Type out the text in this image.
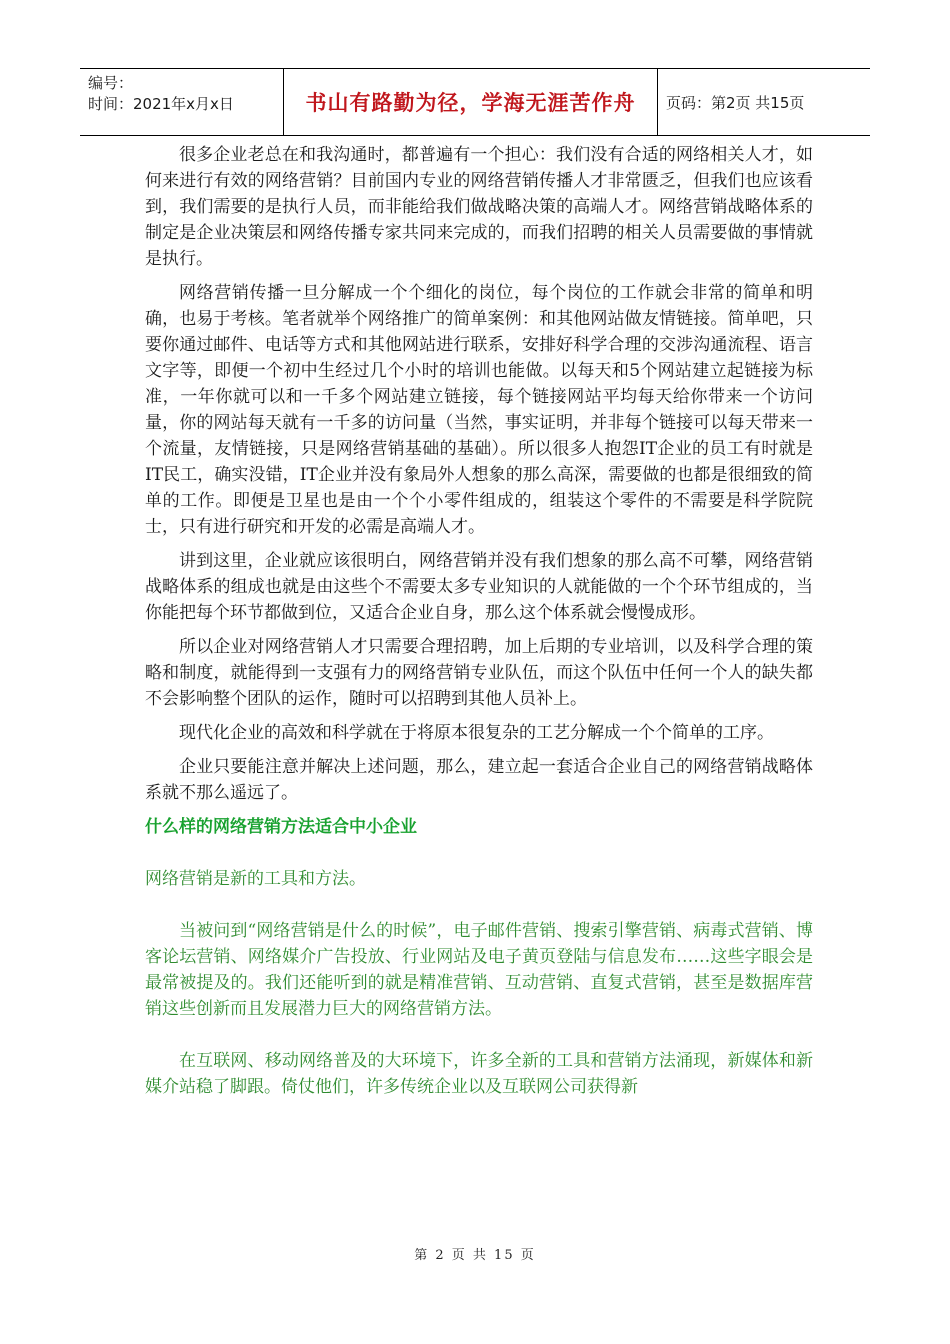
编号：
时间：2021年x月x日	书山有路勤为径，学海无涯苦作舟	页码：第2页 共15页

很多企业老总在和我沟通时，都普遍有一个担心：我们没有合适的网络相关人才，如何来进行有效的网络营销？目前国内专业的网络营销传播人才非常匮乏，但我们也应该看到，我们需要的是执行人员，而非能给我们做战略决策的高端人才。网络营销战略体系的制定是企业决策层和网络传播专家共同来完成的，而我们招聘的相关人员需要做的事情就是执行。

网络营销传播一旦分解成一个个细化的岗位，每个岗位的工作就会非常的简单和明确，也易于考核。笔者就举个网络推广的简单案例：和其他网站做友情链接。简单吧，只要你通过邮件、电话等方式和其他网站进行联系，安排好科学合理的交涉沟通流程、语言文字等，即便一个初中生经过几个小时的培训也能做。以每天和5个网站建立起链接为标准，一年你就可以和一千多个网站建立链接，每个链接网站平均每天给你带来一个访问量，你的网站每天就有一千多的访问量（当然，事实证明，并非每个链接可以每天带来一个流量，友情链接，只是网络营销基础的基础）。所以很多人抱怨IT企业的员工有时就是IT民工，确实没错，IT企业并没有象局外人想象的那么高深，需要做的也都是很细致的简单的工作。即便是卫星也是由一个个小零件组成的，组装这个零件的不需要是科学院院士，只有进行研究和开发的必需是高端人才。

讲到这里，企业就应该很明白，网络营销并没有我们想象的那么高不可攀，网络营销战略体系的组成也就是由这些个不需要太多专业知识的人就能做的一个个环节组成的，当你能把每个环节都做到位，又适合企业自身，那么这个体系就会慢慢成形。

所以企业对网络营销人才只需要合理招聘，加上后期的专业培训，以及科学合理的策略和制度，就能得到一支强有力的网络营销专业队伍，而这个队伍中任何一个人的缺失都不会影响整个团队的运作，随时可以招聘到其他人员补上。

现代化企业的高效和科学就在于将原本很复杂的工艺分解成一个个简单的工序。

企业只要能注意并解决上述问题，那么，建立起一套适合企业自己的网络营销战略体系就不那么遥远了。

什么样的网络营销方法适合中小企业

网络营销是新的工具和方法。

当被问到“网络营销是什么的时候”，电子邮件营销、搜索引擎营销、病毒式营销、博客论坛营销、网络媒介广告投放、行业网站及电子黄页登陆与信息发布……这些字眼会是最常被提及的。我们还能听到的就是精准营销、互动营销、直复式营销，甚至是数据库营销这些创新而且发展潜力巨大的网络营销方法。

在互联网、移动网络普及的大环境下，许多全新的工具和营销方法涌现，新媒体和新媒介站稳了脚跟。倚仗他们，许多传统企业以及互联网公司获得新

第 2 页 共 15 页
